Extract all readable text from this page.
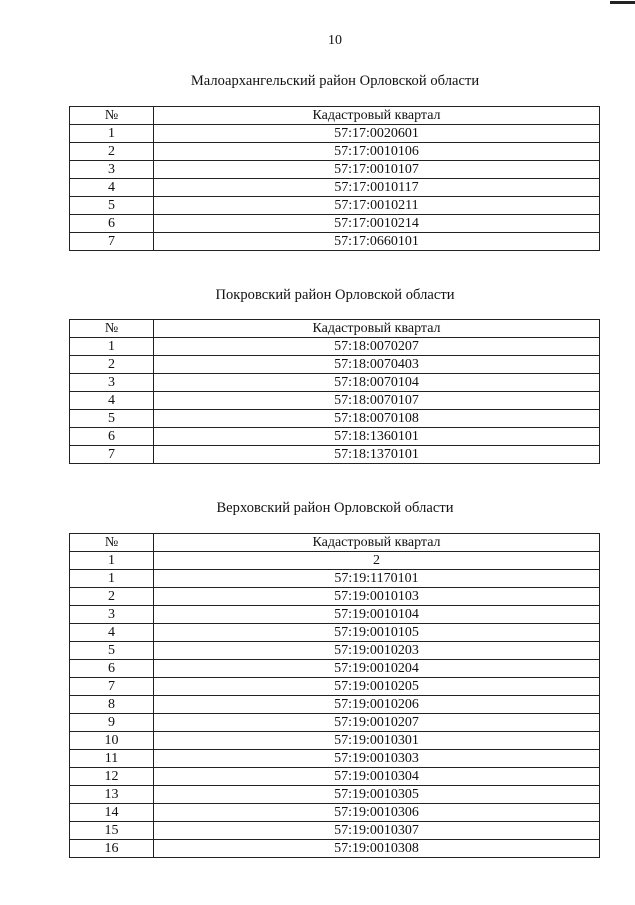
10
Малоархангельский район Орловской области
№	Кадастровый квартал
1	57:17:0020601
2	57:17:0010106
3	57:17:0010107
4	57:17:0010117
5	57:17:0010211
6	57:17:0010214
7	57:17:0660101
Покровский район Орловской области
№	Кадастровый квартал
1	57:18:0070207
2	57:18:0070403
3	57:18:0070104
4	57:18:0070107
5	57:18:0070108
6	57:18:1360101
7	57:18:1370101
Верховский район Орловской области
№	Кадастровый квартал
1	2
1	57:19:1170101
2	57:19:0010103
3	57:19:0010104
4	57:19:0010105
5	57:19:0010203
6	57:19:0010204
7	57:19:0010205
8	57:19:0010206
9	57:19:0010207
10	57:19:0010301
11	57:19:0010303
12	57:19:0010304
13	57:19:0010305
14	57:19:0010306
15	57:19:0010307
16	57:19:0010308
